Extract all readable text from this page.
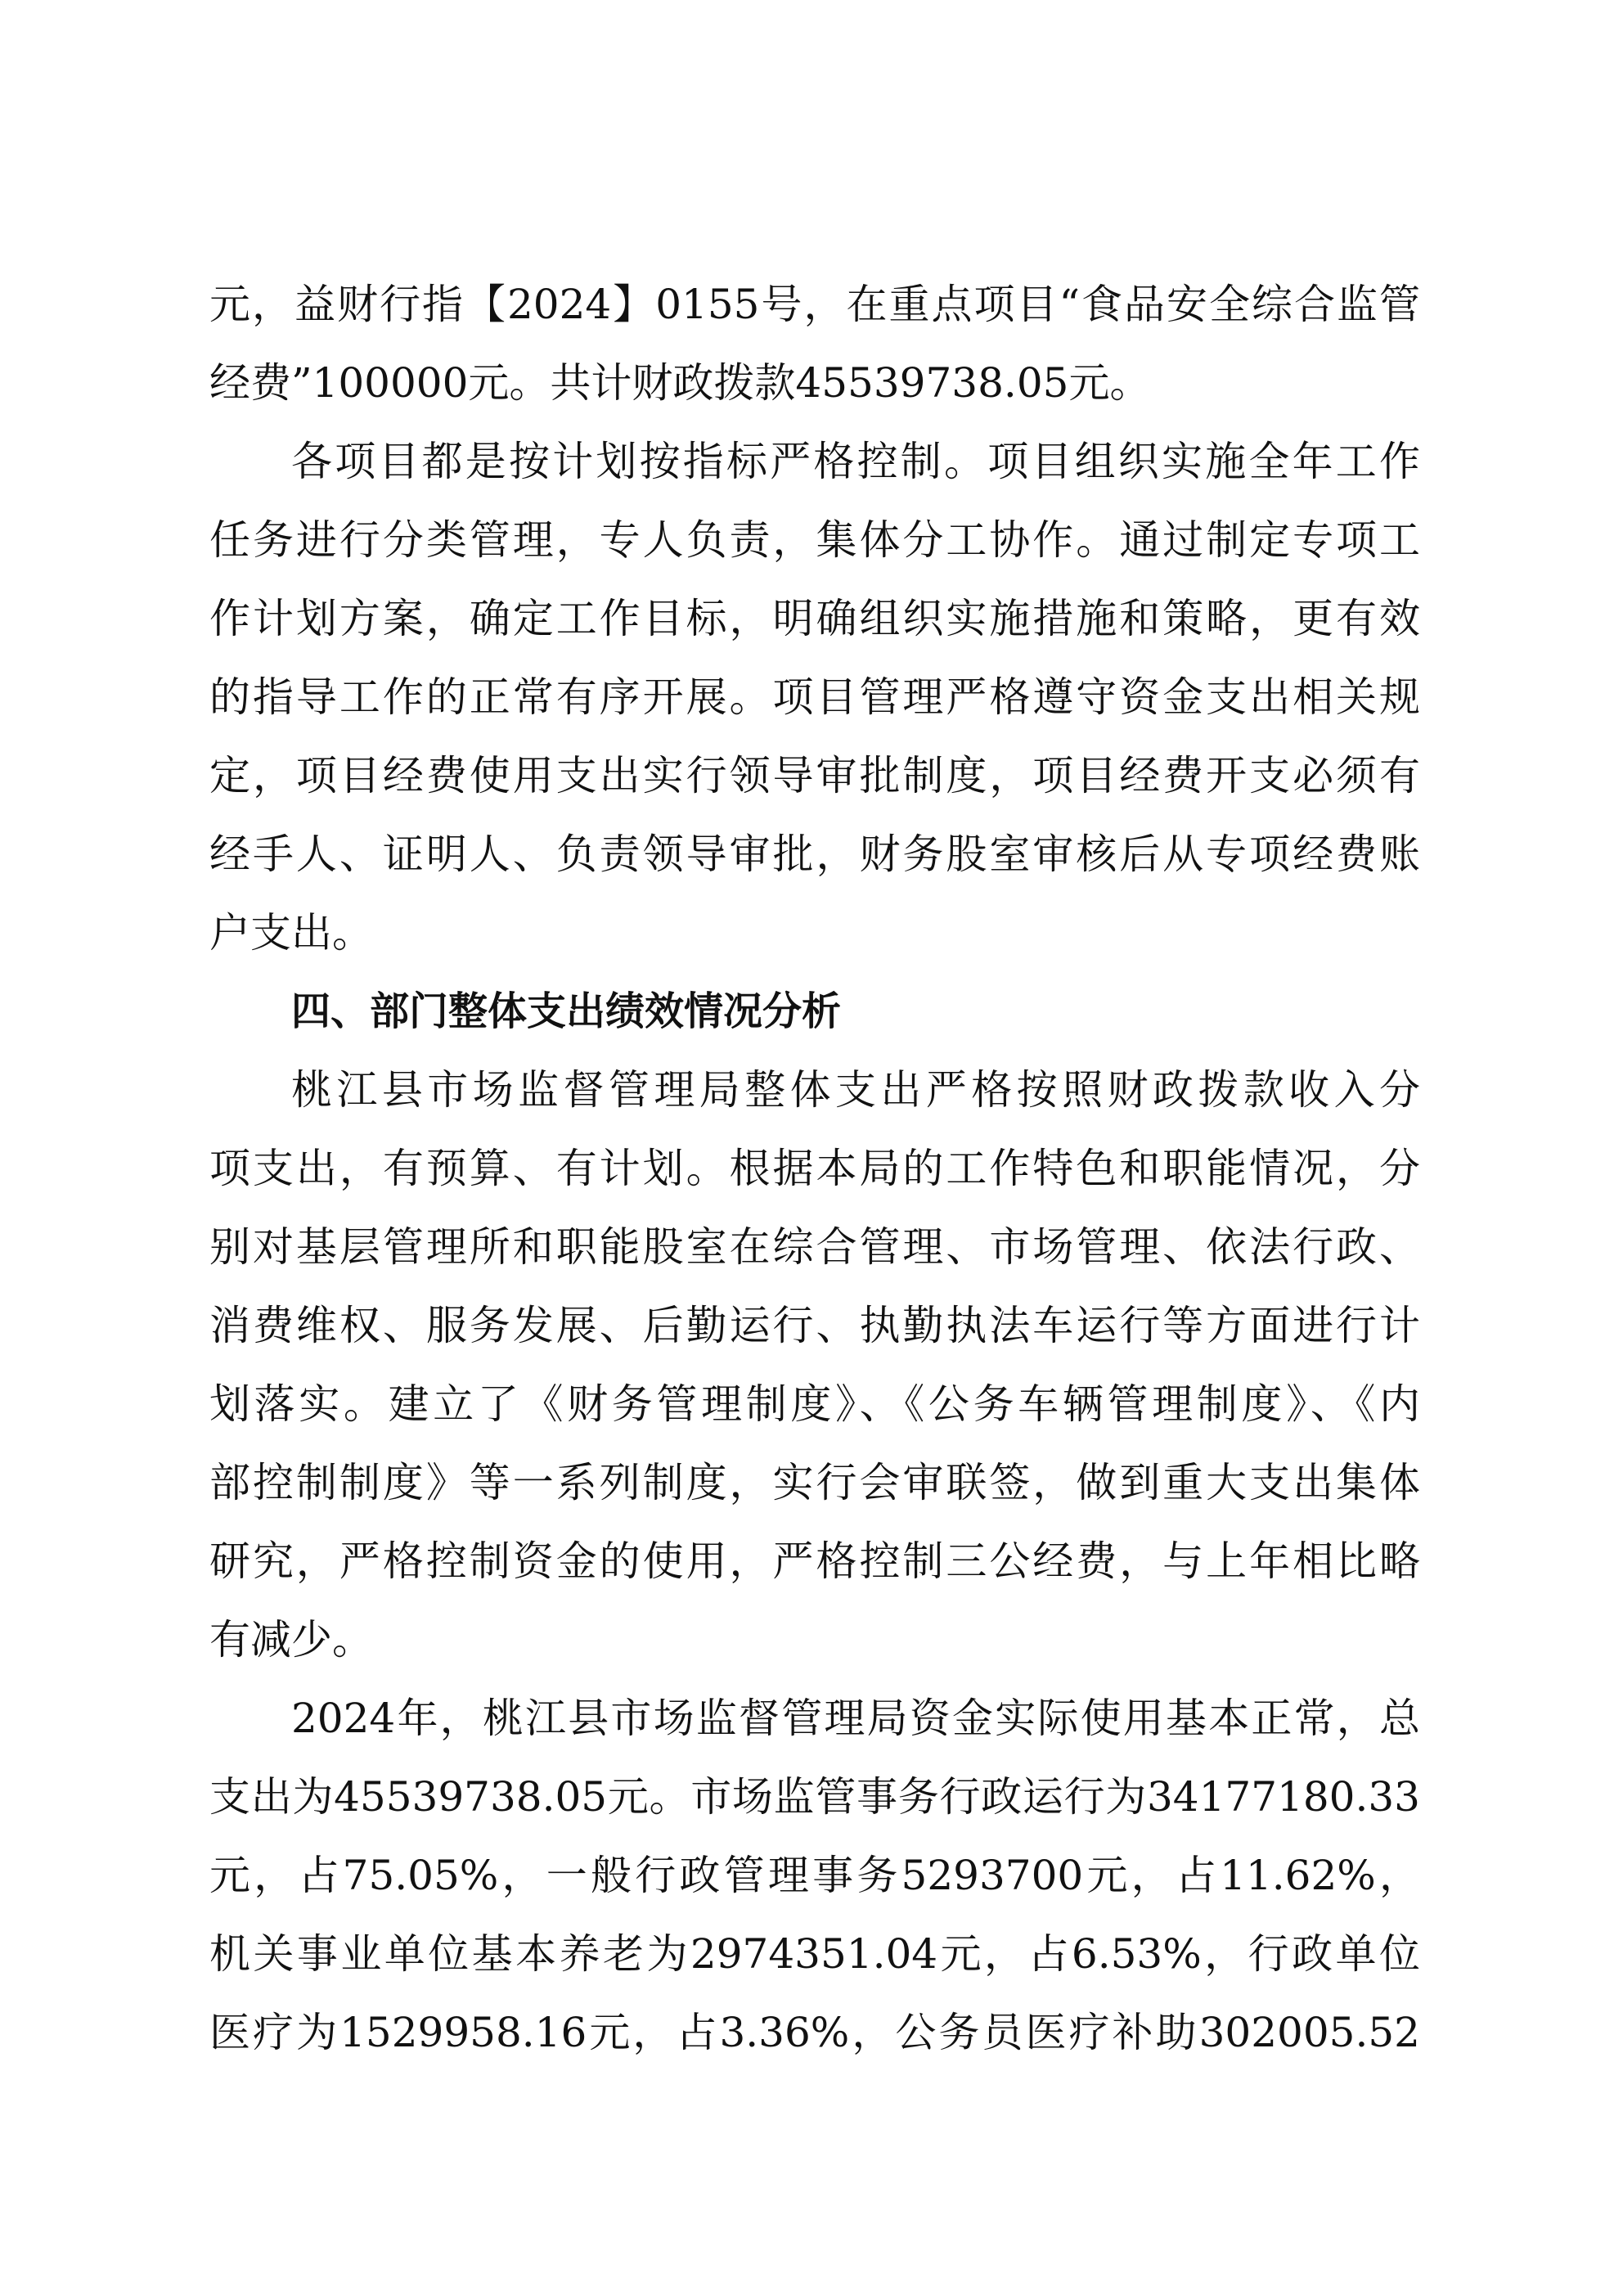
元，益财行指【2024】0155号，在重点项目“食品安全综合监管
经费”100000元。共计财政拨款45539738.05元。
各项目都是按计划按指标严格控制。项目组织实施全年工作
任务进行分类管理，专人负责，集体分工协作。通过制定专项工
作计划方案，确定工作目标，明确组织实施措施和策略，更有效
的指导工作的正常有序开展。项目管理严格遵守资金支出相关规
定，项目经费使用支出实行领导审批制度，项目经费开支必须有
经手人、证明人、负责领导审批，财务股室审核后从专项经费账
户支出。
四、部门整体支出绩效情况分析
桃江县市场监督管理局整体支出严格按照财政拨款收入分
项支出，有预算、有计划。根据本局的工作特色和职能情况，分
别对基层管理所和职能股室在综合管理、市场管理、依法行政、
消费维权、服务发展、后勤运行、执勤执法车运行等方面进行计
划落实。建立了《财务管理制度》、《公务车辆管理制度》、《内
部控制制度》等一系列制度，实行会审联签，做到重大支出集体
研究，严格控制资金的使用，严格控制三公经费，与上年相比略
有减少。
2024年，桃江县市场监督管理局资金实际使用基本正常，总
支出为45539738.05元。市场监管事务行政运行为34177180.33
元，占75.05%，一般行政管理事务5293700元，占11.62%，
机关事业单位基本养老为2974351.04元，占6.53%，行政单位
医疗为1529958.16元，占3.36%，公务员医疗补助302005.52
